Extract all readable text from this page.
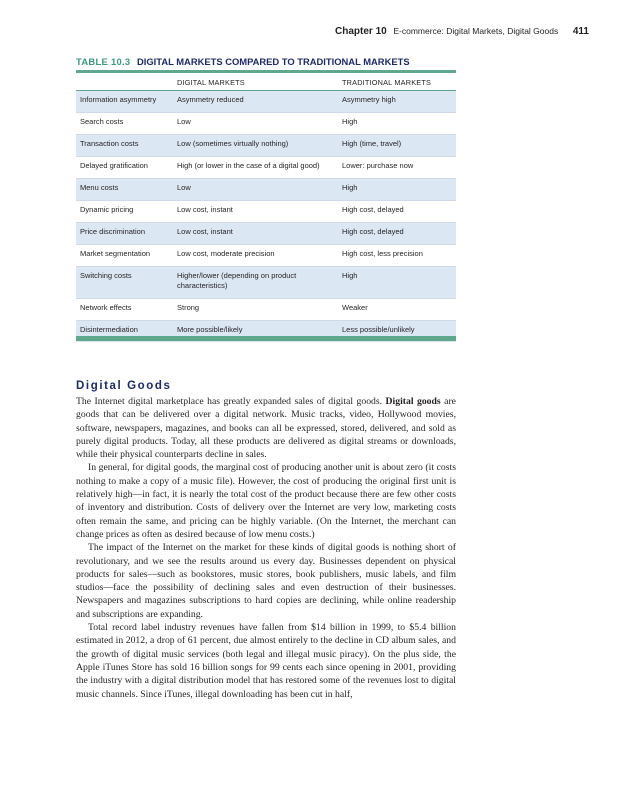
Chapter 10 E-commerce: Digital Markets, Digital Goods 411
TABLE 10.3 DIGITAL MARKETS COMPARED TO TRADITIONAL MARKETS
	DIGITAL MARKETS	TRADITIONAL MARKETS
Information asymmetry	Asymmetry reduced	Asymmetry high
Search costs	Low	High
Transaction costs	Low (sometimes virtually nothing)	High (time, travel)
Delayed gratification	High (or lower in the case of a digital good)	Lower: purchase now
Menu costs	Low	High
Dynamic pricing	Low cost, instant	High cost, delayed
Price discrimination	Low cost, instant	High cost, delayed
Market segmentation	Low cost, moderate precision	High cost, less precision
Switching costs	Higher/lower (depending on product characteristics)	High
Network effects	Strong	Weaker
Disintermediation	More possible/likely	Less possible/unlikely
Digital Goods

The Internet digital marketplace has greatly expanded sales of digital goods. Digital goods are goods that can be delivered over a digital network. Music tracks, video, Hollywood movies, software, newspapers, magazines, and books can all be expressed, stored, delivered, and sold as purely digital products. Today, all these products are delivered as digital streams or downloads, while their physical counterparts decline in sales.

In general, for digital goods, the marginal cost of producing another unit is about zero (it costs nothing to make a copy of a music file). However, the cost of producing the original first unit is relatively high—in fact, it is nearly the total cost of the product because there are few other costs of inventory and distribution. Costs of delivery over the Internet are very low, marketing costs often remain the same, and pricing can be highly variable. (On the Internet, the merchant can change prices as often as desired because of low menu costs.)

The impact of the Internet on the market for these kinds of digital goods is nothing short of revolutionary, and we see the results around us every day. Businesses dependent on physical products for sales—such as bookstores, music stores, book publishers, music labels, and film studios—face the possibility of declining sales and even destruction of their businesses. Newspapers and magazines subscriptions to hard copies are declining, while online readership and subscriptions are expanding.

Total record label industry revenues have fallen from $14 billion in 1999, to $5.4 billion estimated in 2012, a drop of 61 percent, due almost entirely to the decline in CD album sales, and the growth of digital music services (both legal and illegal music piracy). On the plus side, the Apple iTunes Store has sold 16 billion songs for 99 cents each since opening in 2001, providing the industry with a digital distribution model that has restored some of the revenues lost to digital music channels. Since iTunes, illegal downloading has been cut in half,
